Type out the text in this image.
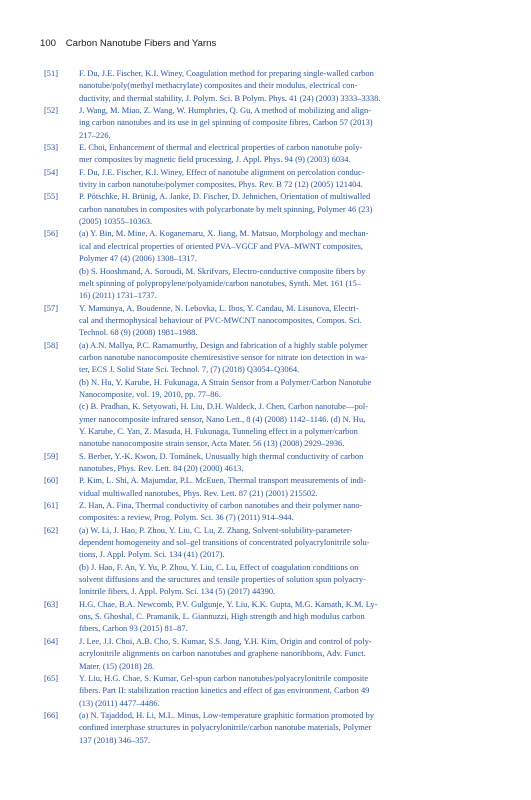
100 Carbon Nanotube Fibers and Yarns
[51]	F. Du, J.E. Fischer, K.I. Winey, Coagulation method for preparing single-walled carbon
nanotube/poly(methyl methacrylate) composites and their modulus, electrical con-
ductivity, and thermal stability, J. Polym. Sci. B Polym. Phys. 41 (24) (2003) 3333–3338.
[52]	J. Wang, M. Miao, Z. Wang, W. Humphries, Q. Gu, A method of mobilizing and align-
ing carbon nanotubes and its use in gel spinning of composite fibres, Carbon 57 (2013)
217–226.
[53]	E. Choi, Enhancement of thermal and electrical properties of carbon nanotube poly-
mer composites by magnetic field processing, J. Appl. Phys. 94 (9) (2003) 6034.
[54]	F. Du, J.E. Fischer, K.I. Winey, Effect of nanotube alignment on percolation conduc-
tivity in carbon nanotube/polymer composites, Phys. Rev. B 72 (12) (2005) 121404.
[55]	P. Pötschke, H. Brünig, A. Janke, D. Fischer, D. Jehnichen, Orientation of multiwalled
carbon nanotubes in composites with polycarbonate by melt spinning, Polymer 46 (23)
(2005) 10355–10363.
[56]	(a) Y. Bin, M. Mine, A. Koganemaru, X. Jiang, M. Matsuo, Morphology and mechan-
ical and electrical properties of oriented PVA–VGCF and PVA–MWNT composites,
Polymer 47 (4) (2006) 1308–1317.
(b) S. Hooshmand, A. Soroudi, M. Skrifvars, Electro-conductive composite fibers by
melt spinning of polypropylene/polyamide/carbon nanotubes, Synth. Met. 161 (15–
16) (2011) 1731–1737.
[57]	Y. Mamunya, A. Boudenne, N. Lebovka, L. Ibos, Y. Candau, M. Lisunova, Electri-
cal and thermophysical behaviour of PVC-MWCNT nanocomposites, Compos. Sci.
Technol. 68 (9) (2008) 1981–1988.
[58]	(a) A.N. Mallya, P.C. Ramamurthy, Design and fabrication of a highly stable polymer
carbon nanotube nanocomposite chemiresistive sensor for nitrate ion detection in wa-
ter, ECS J. Solid State Sci. Technol. 7, (7) (2018) Q3054–Q3064.
(b) N. Hu, Y. Karube, H. Fukunaga, A Strain Sensor from a Polymer/Carbon Nanotube
Nanocomposite, vol. 19, 2010, pp. 77–86.
(c) B. Pradhan, K. Setyowati, H. Liu, D.H. Waldeck, J. Chen, Carbon nanotube—pol-
ymer nanocomposite infrared sensor, Nano Lett., 8 (4) (2008) 1142–1146. (d) N. Hu,
Y. Karube, C. Yan, Z. Masuda, H. Fukunaga, Tunneling effect in a polymer/carbon
nanotube nanocomposite strain sensor, Acta Mater. 56 (13) (2008) 2929–2936.
[59]	S. Berber, Y.-K. Kwon, D. Tománek, Unusually high thermal conductivity of carbon
nanotubes, Phys. Rev. Lett. 84 (20) (2000) 4613.
[60]	P. Kim, L. Shi, A. Majumdar, P.L. McEuen, Thermal transport measurements of indi-
vidual multiwalled nanotubes, Phys. Rev. Lett. 87 (21) (2001) 215502.
[61]	Z. Han, A. Fina, Thermal conductivity of carbon nanotubes and their polymer nano-
composites: a review, Prog. Polym. Sci. 36 (7) (2011) 914–944.
[62]	(a) W. Li, J. Hao, P. Zhou, Y. Liu, C. Lu, Z. Zhang, Solvent-solubility-parameter-
dependent homogeneity and sol–gel transitions of concentrated polyacrylonitrile solu-
tions, J. Appl. Polym. Sci. 134 (41) (2017).
(b) J. Hao, F. An, Y. Yu, P. Zhou, Y. Liu, C. Lu, Effect of coagulation conditions on
solvent diffusions and the structures and tensile properties of solution spun polyacry-
lonitrile fibers, J. Appl. Polym. Sci. 134 (5) (2017) 44390.
[63]	H.G. Chae, B.A. Newcomb, P.V. Gulgunje, Y. Liu, K.K. Gupta, M.G. Kamath, K.M. Ly-
ons, S. Ghoshal, C. Pramanik, L. Giannuzzi, High strength and high modulus carbon
fibers, Carbon 93 (2015) 81–87.
[64]	J. Lee, J.I. Choi, A.B. Cho, S. Kumar, S.S. Jang, Y.H. Kim, Origin and control of poly-
acrylonitrile alignments on carbon nanotubes and graphene nanoribbons, Adv. Funct.
Mater. (15) (2018) 28.
[65]	Y. Liu, H.G. Chae, S. Kumar, Gel-spun carbon nanotubes/polyacrylonitrile composite
fibers. Part II: stabilization reaction kinetics and effect of gas environment, Carbon 49
(13) (2011) 4477–4486.
[66]	(a) N. Tajaddod, H. Li, M.L. Minus, Low-temperature graphitic formation promoted by
confined interphase structures in polyacrylonitrile/carbon nanotube materials, Polymer
137 (2018) 346–357.
